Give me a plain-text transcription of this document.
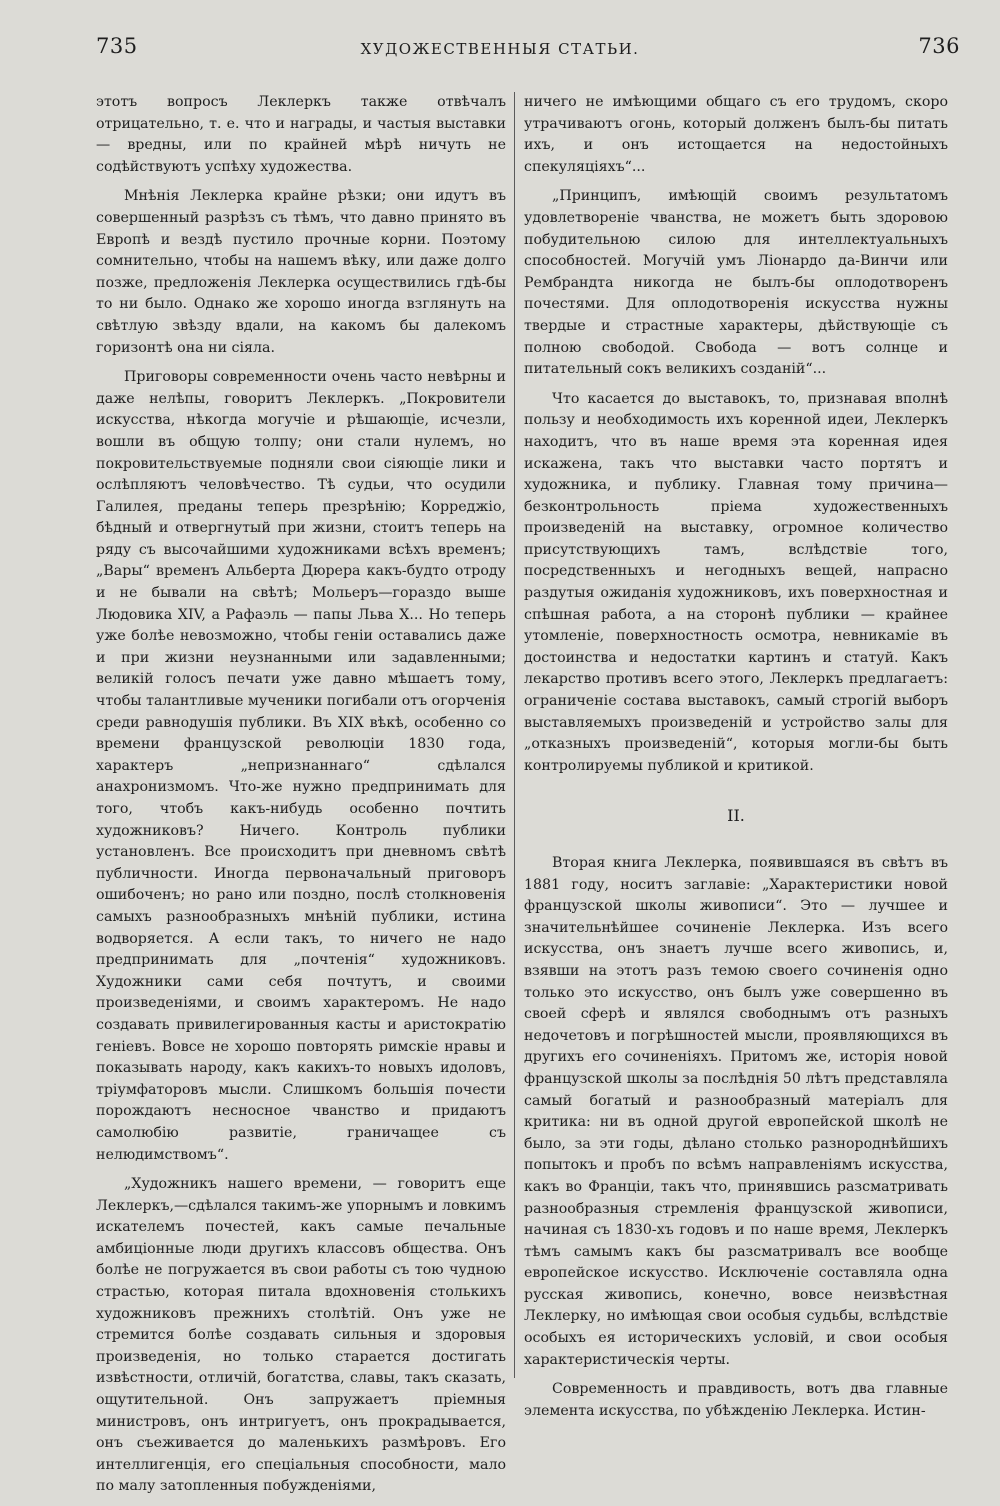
735	ХУДОЖЕСТВЕННЫЯ СТАТЬИ.	736

этотъ вопросъ Леклеркъ также отвѣчалъ отрицательно, т. е. что и награды, и частыя выставки — вредны, или по крайней мѣрѣ ничуть не содѣйствуютъ успѣху художества.

Мнѣнія Леклерка крайне рѣзки; они идутъ въ совершенный разрѣзъ съ тѣмъ, что давно принято въ Европѣ и вездѣ пустило прочные корни. Поэтому сомнительно, чтобы на нашемъ вѣку, или даже долго позже, предложенія Леклерка осуществились гдѣ-бы то ни было. Однако же хорошо иногда взглянуть на свѣтлую звѣзду вдали, на какомъ бы далекомъ горизонтѣ она ни сіяла.

Приговоры современности очень часто невѣрны и даже нелѣпы, говоритъ Леклеркъ. „Покровители искусства, нѣкогда могучіе и рѣшающіе, исчезли, вошли въ общую толпу; они стали нулемъ, но покровительствуемые подняли свои сіяющіе лики и ослѣпляютъ человѣчество. Тѣ судьи, что осудили Галилея, преданы теперь презрѣнію; Корреджіо, бѣдный и отвергнутый при жизни, стоитъ теперь на ряду съ высочайшими художниками всѣхъ временъ; „Вары“ временъ Альберта Дюрера какъ-будто отроду и не бывали на свѣтѣ; Мольеръ—гораздо выше Людовика XIV, а Рафаэль — папы Льва X... Но теперь уже болѣе невозможно, чтобы геніи оставались даже и при жизни неузнанными или задавленными; великій голосъ печати уже давно мѣшаетъ тому, чтобы талантливые мученики погибали отъ огорченія среди равнодушія публики. Въ XIX вѣкѣ, особенно со времени французской революціи 1830 года, характеръ „непризнаннаго“ сдѣлался анахронизмомъ. Что-же нужно предпринимать для того, чтобъ какъ-нибудь особенно почтить художниковъ? Ничего. Контроль публики установленъ. Все происходитъ при дневномъ свѣтѣ публичности. Иногда первоначальный приговоръ ошибоченъ; но рано или поздно, послѣ столкновенія самыхъ разнообразныхъ мнѣній публики, истина водворяется. А если такъ, то ничего не надо предпринимать для „почтенія“ художниковъ. Художники сами себя почтутъ, и своими произведеніями, и своимъ характеромъ. Не надо создавать привилегированныя касты и аристократію геніевъ. Вовсе не хорошо повторять римскіе нравы и показывать народу, какъ какихъ-то новыхъ идоловъ, тріумфаторовъ мысли. Слишкомъ большія почести порождаютъ несносное чванство и придаютъ самолюбію развитіе, граничащее съ нелюдимствомъ“.

„Художникъ нашего времени, — говоритъ еще Леклеркъ,—сдѣлался такимъ-же упорнымъ и ловкимъ искателемъ почестей, какъ самые печальные амбиціонные люди другихъ классовъ общества. Онъ болѣе не погружается въ свои работы съ тою чудною страстью, которая питала вдохновенія столькихъ художниковъ прежнихъ столѣтій. Онъ уже не стремится болѣе создавать сильныя и здоровыя произведенія, но только старается достигать извѣстности, отличій, богатства, славы, такъ сказать, ощутительной. Онъ запружаетъ пріемныя министровъ, онъ интригуетъ, онъ прокрадывается, онъ съеживается до маленькихъ размѣровъ. Его интеллигенція, его спеціальныя способности, мало по малу затопленныя побужденіями,

ничего не имѣющими общаго съ его трудомъ, скоро утрачиваютъ огонь, который долженъ былъ-бы питать ихъ, и онъ истощается на недостойныхъ спекуляціяхъ“...

„Принципъ, имѣющій своимъ результатомъ удовлетвореніе чванства, не можетъ быть здоровою побудительною силою для интеллектуальныхъ способностей. Могучій умъ Ліонардо да-Винчи или Рембрандта никогда не былъ-бы оплодотворенъ почестями. Для оплодотворенія искусства нужны твердые и страстные характеры, дѣйствующіе съ полною свободой. Свобода — вотъ солнце и питательный сокъ великихъ созданій“...

Что касается до выставокъ, то, признавая вполнѣ пользу и необходимость ихъ коренной идеи, Леклеркъ находитъ, что въ наше время эта коренная идея искажена, такъ что выставки часто портятъ и художника, и публику. Главная тому причина—безконтрольность пріема художественныхъ произведеній на выставку, огромное количество присутствующихъ тамъ, вслѣдствіе того, посредственныхъ и негодныхъ вещей, напрасно раздутыя ожиданія художниковъ, ихъ поверхностная и спѣшная работа, а на сторонѣ публики — крайнее утомленіе, поверхностность осмотра, невникаміе въ достоинства и недостатки картинъ и статуй. Какъ лекарство противъ всего этого, Леклеркъ предлагаетъ: ограниченіе состава выставокъ, самый строгій выборъ выставляемыхъ произведеній и устройство залы для „отказныхъ произведеній“, которыя могли-бы быть контролируемы публикой и критикой.

II.

Вторая книга Леклерка, появившаяся въ свѣтъ въ 1881 году, носитъ заглавіе: „Характеристики новой французской школы живописи“. Это — лучшее и значительнѣйшее сочиненіе Леклерка. Изъ всего искусства, онъ знаетъ лучше всего живопись, и, взявши на этотъ разъ темою своего сочиненія одно только это искусство, онъ былъ уже совершенно въ своей сферѣ и являлся свободнымъ отъ разныхъ недочетовъ и погрѣшностей мысли, проявляющихся въ другихъ его сочиненіяхъ. Притомъ же, исторія новой французской школы за послѣднія 50 лѣтъ представляла самый богатый и разнообразный матеріалъ для критика: ни въ одной другой европейской школѣ не было, за эти годы, дѣлано столько разнороднѣйшихъ попытокъ и пробъ по всѣмъ направленіямъ искусства, какъ во Франціи, такъ что, принявшись разсматривать разнообразныя стремленія французской живописи, начиная съ 1830-хъ годовъ и по наше время, Леклеркъ тѣмъ самымъ какъ бы разсматривалъ все вообще европейское искусство. Исключеніе составляла одна русская живопись, конечно, вовсе неизвѣстная Леклерку, но имѣющая свои особыя судьбы, вслѣдствіе особыхъ ея историческихъ условій, и свои особыя характеристическія черты.

Современность и правдивость, вотъ два главные элемента искусства, по убѣжденію Леклерка. Истин-
